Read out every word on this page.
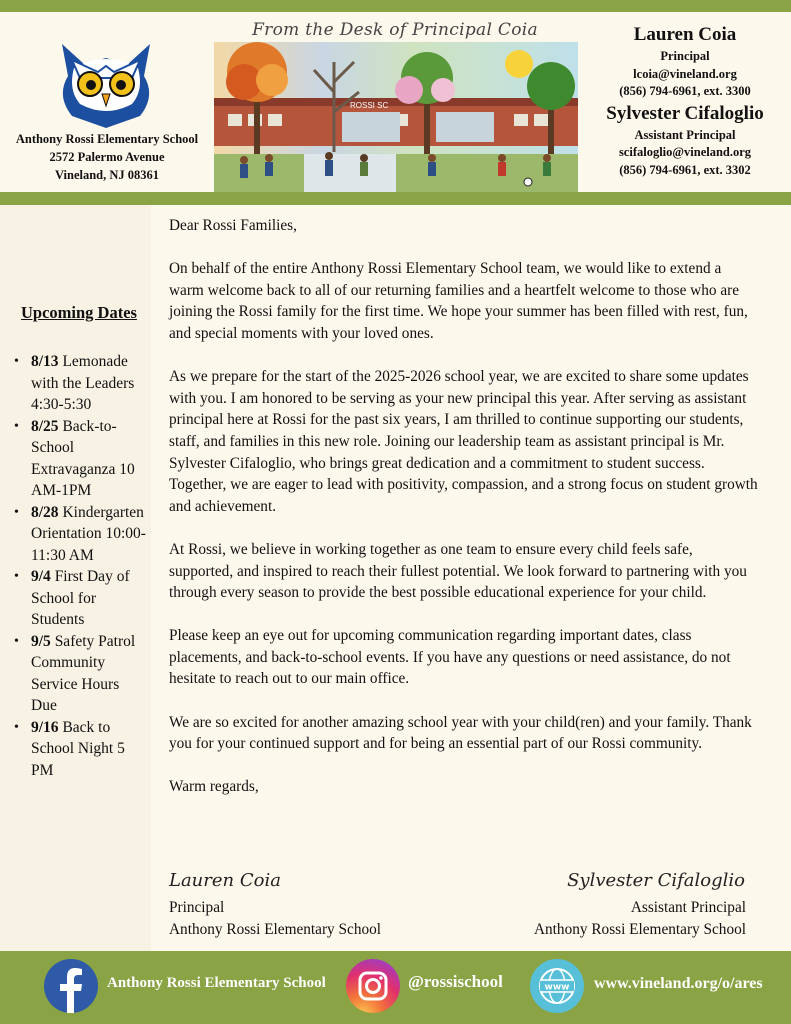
Anthony Rossi Elementary School
2572 Palermo Avenue
Vineland, NJ 08361
From the Desk of Principal Coia
ROSSI SC
Lauren Coia
Principal
lcoia@vineland.org
(856) 794-6961, ext. 3300
Sylvester Cifaloglio
Assistant Principal
scifaloglio@vineland.org
(856) 794-6961, ext. 3302
Upcoming Dates
• 8/13 Lemonade with the Leaders 4:30-5:30
• 8/25 Back-to-School Extravaganza 10 AM-1PM
• 8/28 Kindergarten Orientation 10:00-11:30 AM
• 9/4 First Day of School for Students
• 9/5 Safety Patrol Community Service Hours Due
• 9/16 Back to School Night 5 PM

Dear Rossi Families,

On behalf of the entire Anthony Rossi Elementary School team, we would like to extend a warm welcome back to all of our returning families and a heartfelt welcome to those who are joining the Rossi family for the first time. We hope your summer has been filled with rest, fun, and special moments with your loved ones.

As we prepare for the start of the 2025-2026 school year, we are excited to share some updates with you. I am honored to be serving as your new principal this year. After serving as assistant principal here at Rossi for the past six years, I am thrilled to continue supporting our students, staff, and families in this new role. Joining our leadership team as assistant principal is Mr. Sylvester Cifaloglio, who brings great dedication and a commitment to student success. Together, we are eager to lead with positivity, compassion, and a strong focus on student growth and achievement.

At Rossi, we believe in working together as one team to ensure every child feels safe, supported, and inspired to reach their fullest potential. We look forward to partnering with you through every season to provide the best possible educational experience for your child.

Please keep an eye out for upcoming communication regarding important dates, class placements, and back-to-school events. If you have any questions or need assistance, do not hesitate to reach out to our main office.

We are so excited for another amazing school year with your child(ren) and your family. Thank you for your continued support and for being an essential part of our Rossi community.

Warm regards,

Lauren Coia	Sylvester Cifaloglio
Principal
Anthony Rossi Elementary School
Assistant Principal
Anthony Rossi Elementary School
Anthony Rossi Elementary School	@rossischool	www www.vineland.org/o/ares
